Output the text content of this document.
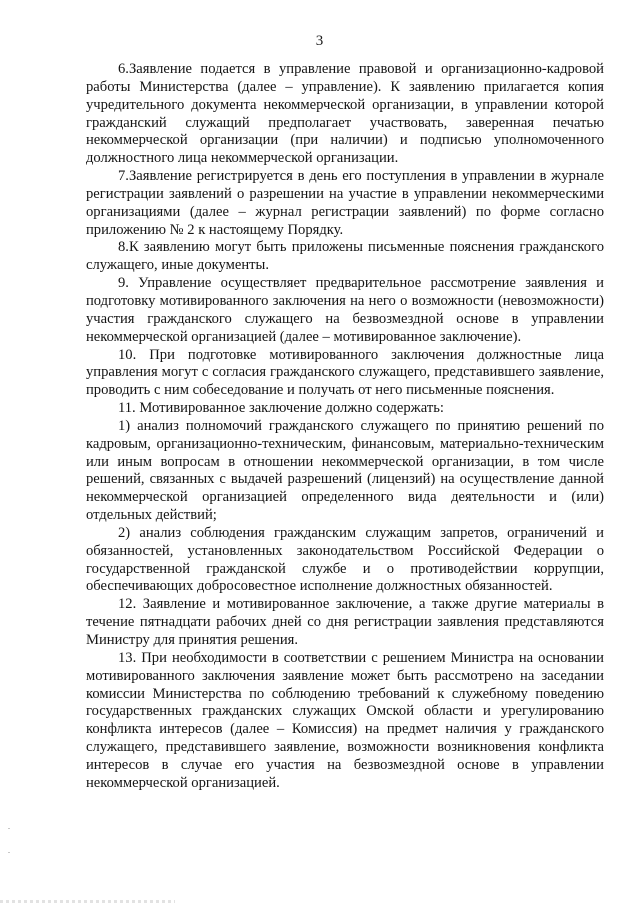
3

6.Заявление подается в управление правовой и организационно-кадровой работы Министерства (далее – управление). К заявлению прилагается копия учредительного документа некоммерческой организации, в управлении которой гражданский служащий предполагает участвовать, заверенная печатью некоммерческой организации (при наличии) и подписью уполномоченного должностного лица некоммерческой организации.

7.Заявление регистрируется в день его поступления в управлении в журнале регистрации заявлений о разрешении на участие в управлении некоммерческими организациями (далее – журнал регистрации заявлений) по форме согласно приложению № 2 к настоящему Порядку.

8.К заявлению могут быть приложены письменные пояснения гражданского служащего, иные документы.

9. Управление осуществляет предварительное рассмотрение заявления и подготовку мотивированного заключения на него о возможности (невозможности) участия гражданского служащего на безвозмездной основе в управлении некоммерческой организацией (далее – мотивированное заключение).

10. При подготовке мотивированного заключения должностные лица управления могут с согласия гражданского служащего, представившего заявление, проводить с ним собеседование и получать от него письменные пояснения.

11. Мотивированное заключение должно содержать:

1) анализ полномочий гражданского служащего по принятию решений по кадровым, организационно-техническим, финансовым, материально-техническим или иным вопросам в отношении некоммерческой организации, в том числе решений, связанных с выдачей разрешений (лицензий) на осуществление данной некоммерческой организацией определенного вида деятельности и (или) отдельных действий;

2) анализ соблюдения гражданским служащим запретов, ограничений и обязанностей, установленных законодательством Российской Федерации о государственной гражданской службе и о противодействии коррупции, обеспечивающих добросовестное исполнение должностных обязанностей.

12. Заявление и мотивированное заключение, а также другие материалы в течение пятнадцати рабочих дней со дня регистрации заявления представляются Министру для принятия решения.

13. При необходимости в соответствии с решением Министра на основании мотивированного заключения заявление может быть рассмотрено на заседании комиссии Министерства по соблюдению требований к служебному поведению государственных гражданских служащих Омской области и урегулированию конфликта интересов (далее – Комиссия) на предмет наличия у гражданского служащего, представившего заявление, возможности возникновения конфликта интересов в случае его участия на безвозмездной основе в управлении некоммерческой организацией.
